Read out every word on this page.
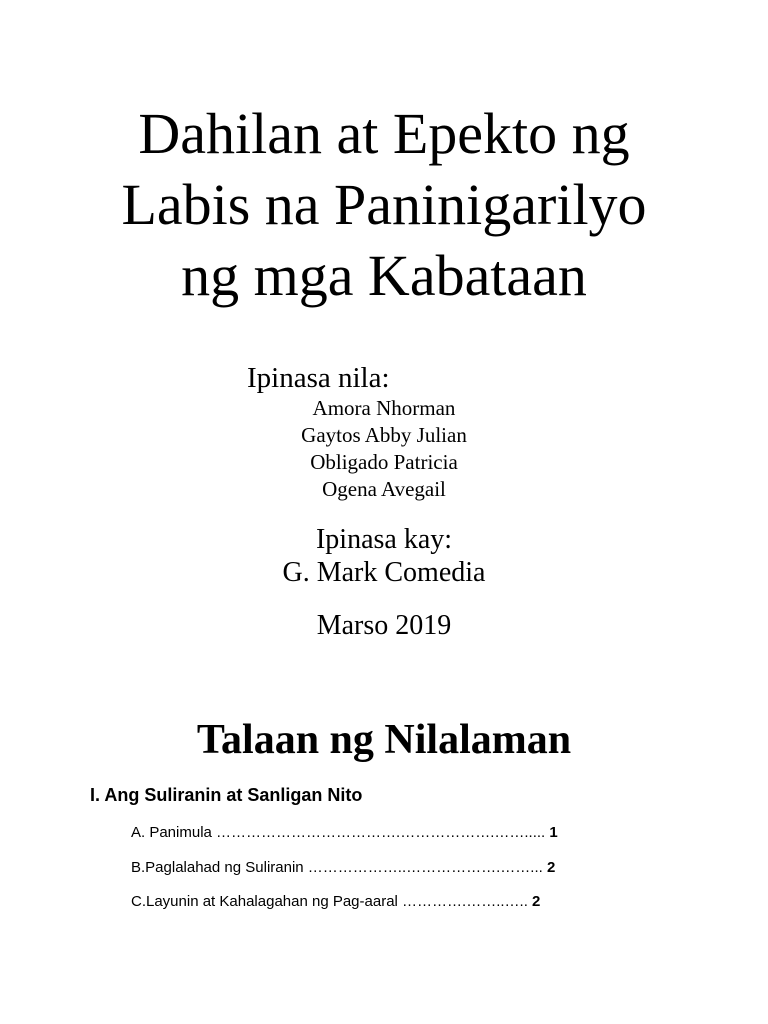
Dahilan at Epekto ng
Labis na Paninigarilyo
ng mga Kabataan
Ipinasa nila:
Amora Nhorman
Gaytos Abby Julian
Obligado Patricia
Ogena Avegail
Ipinasa kay:
G. Mark Comedia
Marso 2019
Talaan ng Nilalaman
I. Ang Suliranin at Sanligan Nito
A. Panimula ……………………………….……………….……..... 1
B.Paglalahad ng Suliranin ………………..……………….……... 2
C.Layunin at Kahalagahan ng Pag-aaral ………….……..….. 2
